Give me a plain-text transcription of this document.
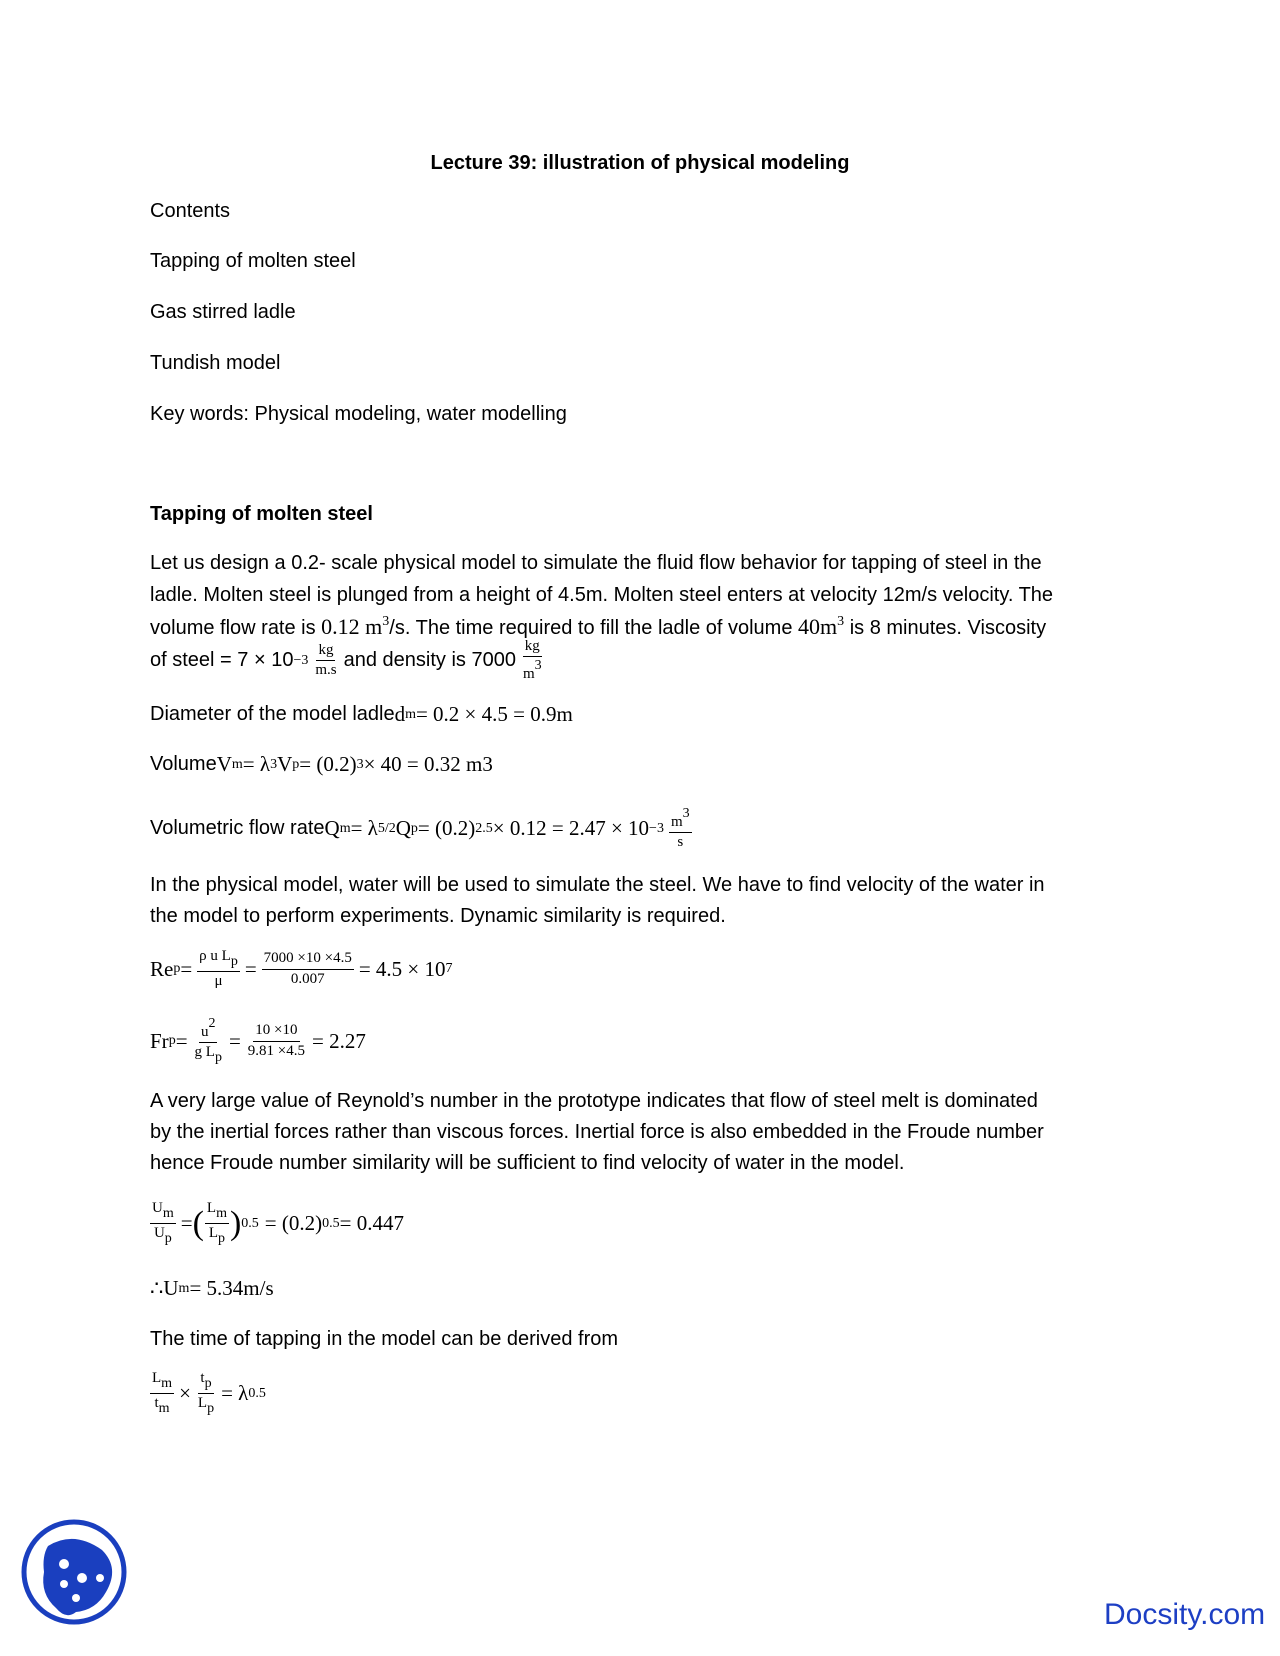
Lecture 39: illustration of physical modeling
Contents
Tapping of molten steel
Gas stirred ladle
Tundish model
Key words: Physical modeling, water modelling
Tapping of molten steel
Let us design a 0.2- scale physical model to simulate the fluid flow behavior for tapping of steel in the
ladle. Molten steel is plunged from a height of 4.5m. Molten steel enters at velocity 12m/s velocity. The
volume flow rate is 0.12 $m^3/s$. The time required to fill the ladle of volume $40m^3$ is 8 minutes. Viscosity
of steel = $7 \times 10 -3 \frac{kg}{m.s}$ and density is $7000 \frac{kg}{m3}$
Diameter of the model ladle d m = 0.2 × 4.5 = 0.9m
Volume V m = λ 3 V p = (0.2) 3 × 40 = 0.32 m3
Volumetric flow rate Q m = λ 5/2 Q p = (0.2) $2.5 \times 0.12 = 2.47 \times 10 -3 \frac{m3}{s}$
In the physical model, water will be used to simulate the steel. We have to find velocity of the water in
the model to perform experiments. Dynamic similarity is required.
Re $p = \frac{\text{ρ u Lp}}{\mu} = \frac{7000 \times 10 \times 4.5}{0.007} = 4.5 \times 10$ 7
Fr $p = \frac{u2}{\text{g Lp}} = \frac{10 \times 10}{9.81 \times 4.5} = 2.27$
A very large value of Reynold’s number in the prototype indicates that flow of steel melt is dominated
by the inertial forces rather than viscous forces. Inertial force is also embedded in the Froude number
hence Froude number similarity will be sufficient to find velocity of water in the model.
$\frac{Um}{Up}$ = ( $\frac{Lm}{Lp}$ ) 0.5 = (0.2) 0.5 = 0.447
∴ U m = 5.34m/s
The time of tapping in the model can be derived from
$\frac{Lm}{tm} \times \frac{tp}{Lp} = \lambda$ 0.5
Docsity.com
